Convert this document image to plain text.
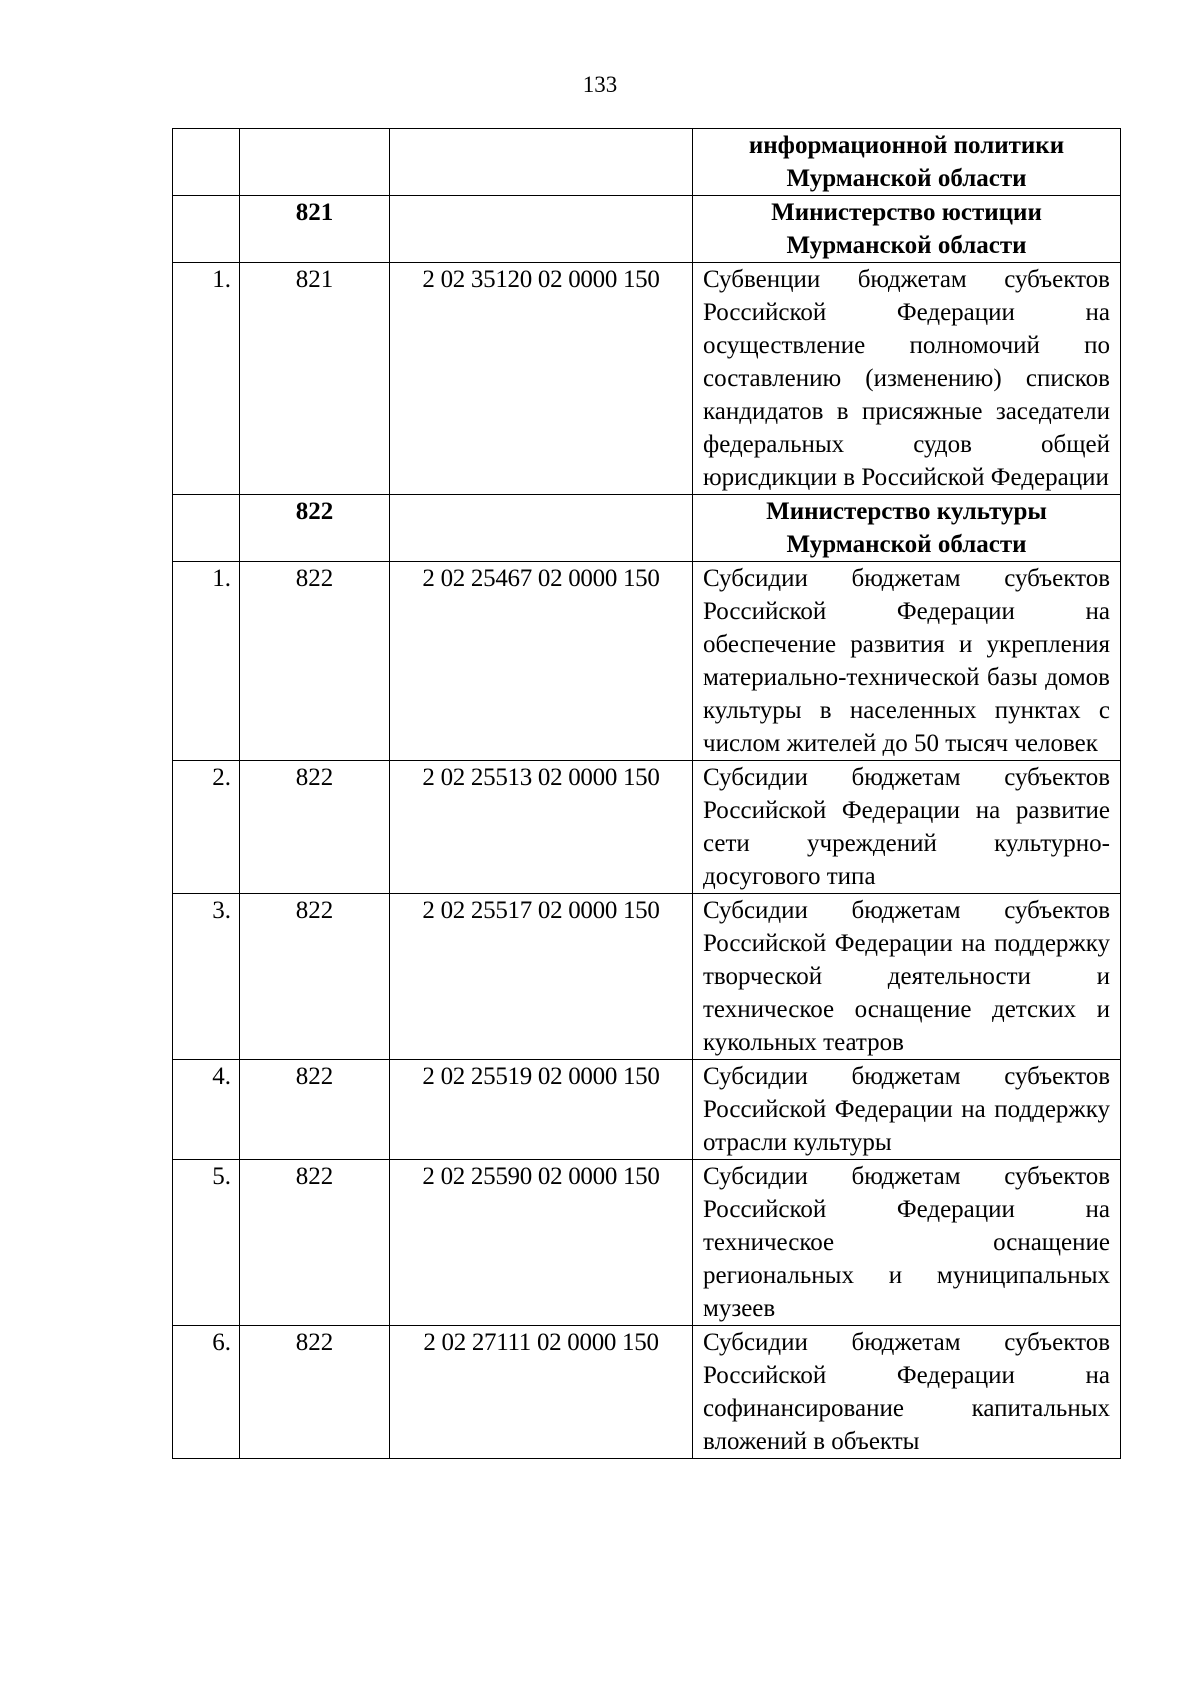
133
			информационной политики Мурманской области
	821		Министерство юстиции Мурманской области
1.	821	2 02 35120 02 0000 150	Субвенции бюджетам субъектов Российской Федерации на осуществление полномочий по составлению (изменению) списков кандидатов в присяжные заседатели федеральных судов общей юрисдикции в Российской Федерации
	822		Министерство культуры Мурманской области
1.	822	2 02 25467 02 0000 150	Субсидии бюджетам субъектов Российской Федерации на обеспечение развития и укрепления материально-технической базы домов культуры в населенных пунктах с числом жителей до 50 тысяч человек
2.	822	2 02 25513 02 0000 150	Субсидии бюджетам субъектов Российской Федерации на развитие сети учреждений культурно-досугового типа
3.	822	2 02 25517 02 0000 150	Субсидии бюджетам субъектов Российской Федерации на поддержку творческой деятельности и техническое оснащение детских и кукольных театров
4.	822	2 02 25519 02 0000 150	Субсидии бюджетам субъектов Российской Федерации на поддержку отрасли культуры
5.	822	2 02 25590 02 0000 150	Субсидии бюджетам субъектов Российской Федерации на техническое оснащение региональных и муниципальных музеев
6.	822	2 02 27111 02 0000 150	Субсидии бюджетам субъектов Российской Федерации на софинансирование капитальных вложений в объекты
